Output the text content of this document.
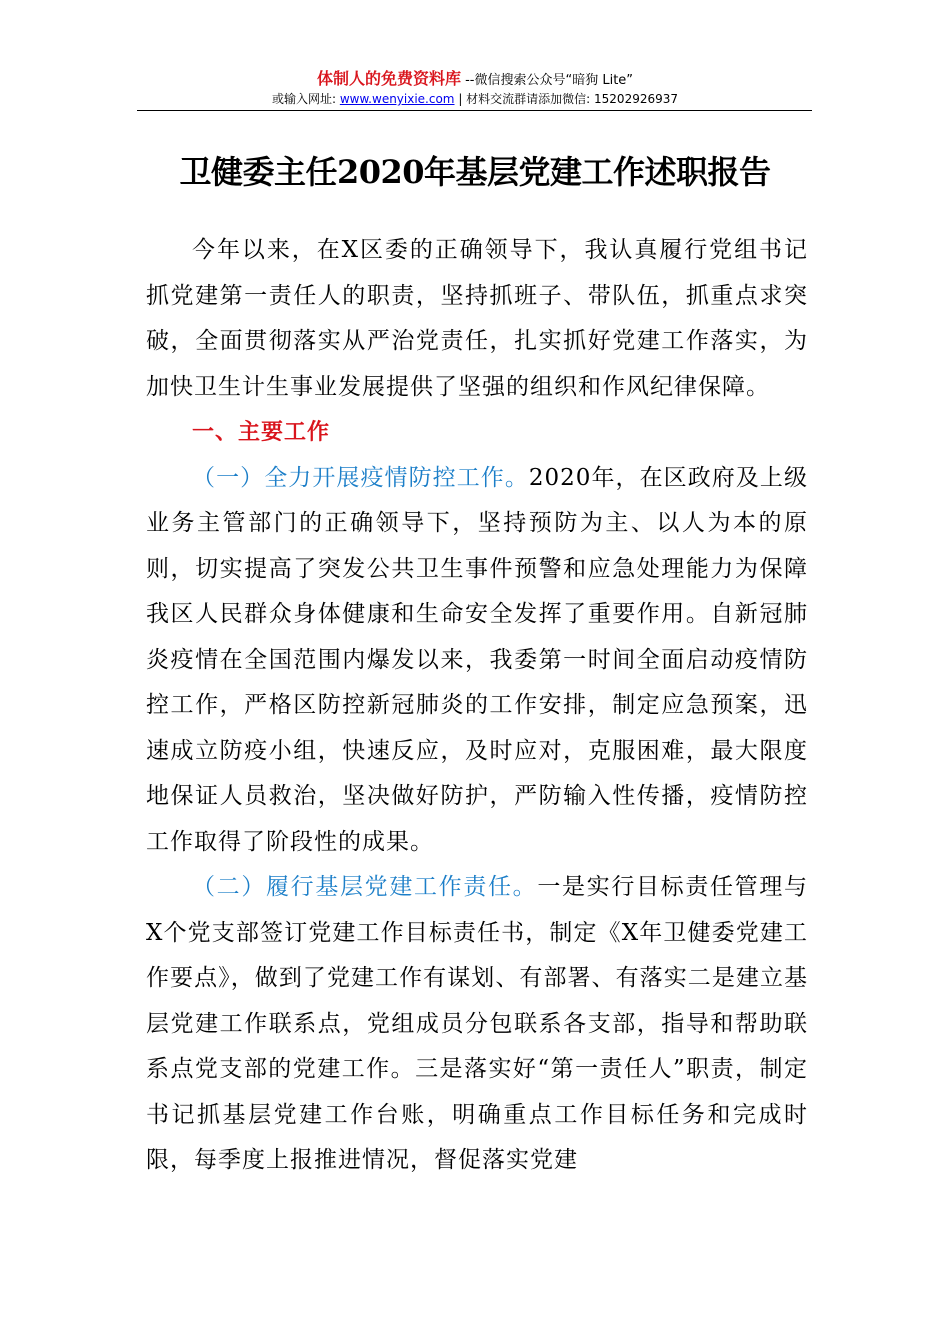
体制人的免费资料库 --微信搜索公众号“暗狗 Lite”
或输入网址: www.wenyixie.com | 材料交流群请添加微信: 15202926937
卫健委主任2020年基层党建工作述职报告

今年以来，在X区委的正确领导下，我认真履行党组书记抓党建第一责任人的职责，坚持抓班子、带队伍，抓重点求突破，全面贯彻落实从严治党责任，扎实抓好党建工作落实，为加快卫生计生事业发展提供了坚强的组织和作风纪律保障。

一、主要工作

（一）全力开展疫情防控工作。2020年，在区政府及上级业务主管部门的正确领导下，坚持预防为主、以人为本的原则，切实提高了突发公共卫生事件预警和应急处理能力为保障我区人民群众身体健康和生命安全发挥了重要作用。自新冠肺炎疫情在全国范围内爆发以来，我委第一时间全面启动疫情防控工作，严格区防控新冠肺炎的工作安排，制定应急预案，迅速成立防疫小组，快速反应，及时应对，克服困难，最大限度地保证人员救治，坚决做好防护，严防输入性传播，疫情防控工作取得了阶段性的成果。

（二）履行基层党建工作责任。一是实行目标责任管理与X个党支部签订党建工作目标责任书，制定《X年卫健委党建工作要点》，做到了党建工作有谋划、有部署、有落实二是建立基层党建工作联系点，党组成员分包联系各支部，指导和帮助联系点党支部的党建工作。三是落实好“第一责任人”职责，制定书记抓基层党建工作台账，明确重点工作目标任务和完成时限，每季度上报推进情况，督促落实党建
